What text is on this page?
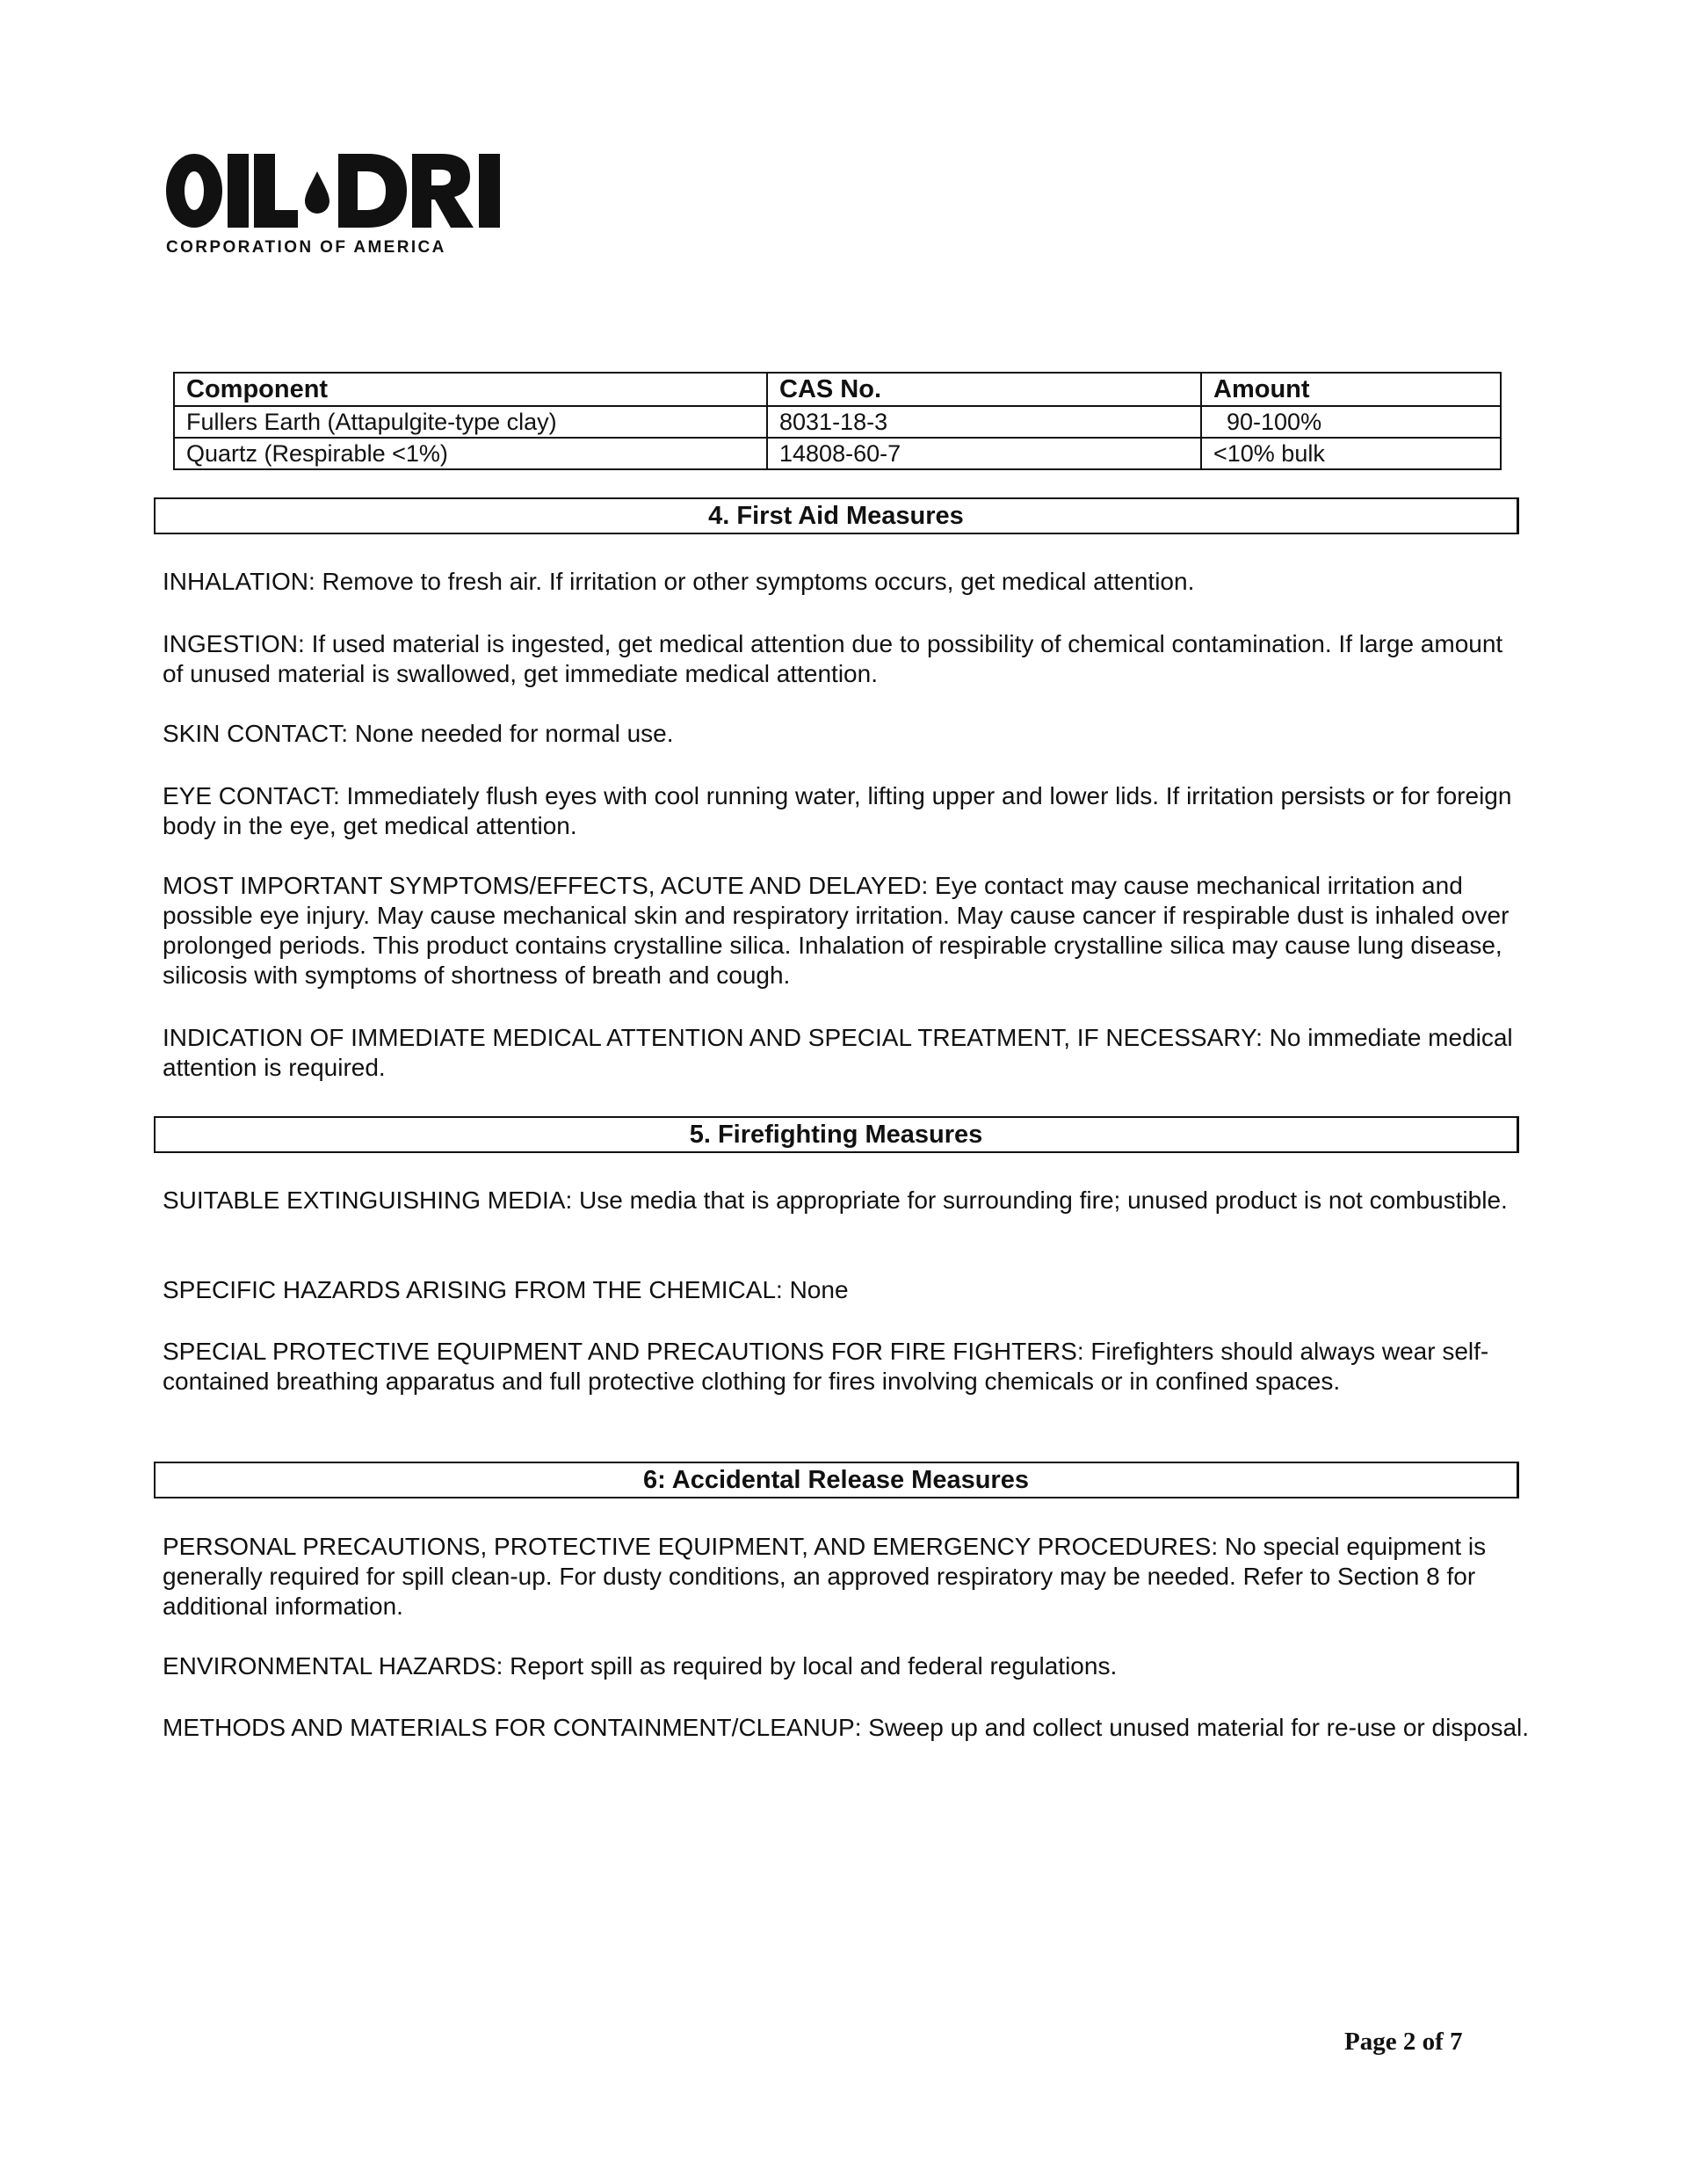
CORPORATION OF AMERICA
Component	CAS No.	Amount
Fullers Earth (Attapulgite-type clay)	8031-18-3	90-100%
Quartz (Respirable <1%)	14808-60-7	<10% bulk
4. First Aid Measures

INHALATION: Remove to fresh air. If irritation or other symptoms occurs, get medical attention.

INGESTION: If used material is ingested, get medical attention due to possibility of chemical contamination. If large amount of unused material is swallowed, get immediate medical attention.

SKIN CONTACT: None needed for normal use.

EYE CONTACT: Immediately flush eyes with cool running water, lifting upper and lower lids. If irritation persists or for foreign body in the eye, get medical attention.

MOST IMPORTANT SYMPTOMS/EFFECTS, ACUTE AND DELAYED: Eye contact may cause mechanical irritation and possible eye injury. May cause mechanical skin and respiratory irritation. May cause cancer if respirable dust is inhaled over prolonged periods. This product contains crystalline silica. Inhalation of respirable crystalline silica may cause lung disease, silicosis with symptoms of shortness of breath and cough.

INDICATION OF IMMEDIATE MEDICAL ATTENTION AND SPECIAL TREATMENT, IF NECESSARY: No immediate medical attention is required.

5. Firefighting Measures

SUITABLE EXTINGUISHING MEDIA: Use media that is appropriate for surrounding fire; unused product is not combustible.

SPECIFIC HAZARDS ARISING FROM THE CHEMICAL: None

SPECIAL PROTECTIVE EQUIPMENT AND PRECAUTIONS FOR FIRE FIGHTERS: Firefighters should always wear self-contained breathing apparatus and full protective clothing for fires involving chemicals or in confined spaces.

6: Accidental Release Measures

PERSONAL PRECAUTIONS, PROTECTIVE EQUIPMENT, AND EMERGENCY PROCEDURES: No special equipment is generally required for spill clean-up. For dusty conditions, an approved respiratory may be needed. Refer to Section 8 for additional information.

ENVIRONMENTAL HAZARDS: Report spill as required by local and federal regulations.

METHODS AND MATERIALS FOR CONTAINMENT/CLEANUP: Sweep up and collect unused material for re-use or disposal.

Page 2 of 7
